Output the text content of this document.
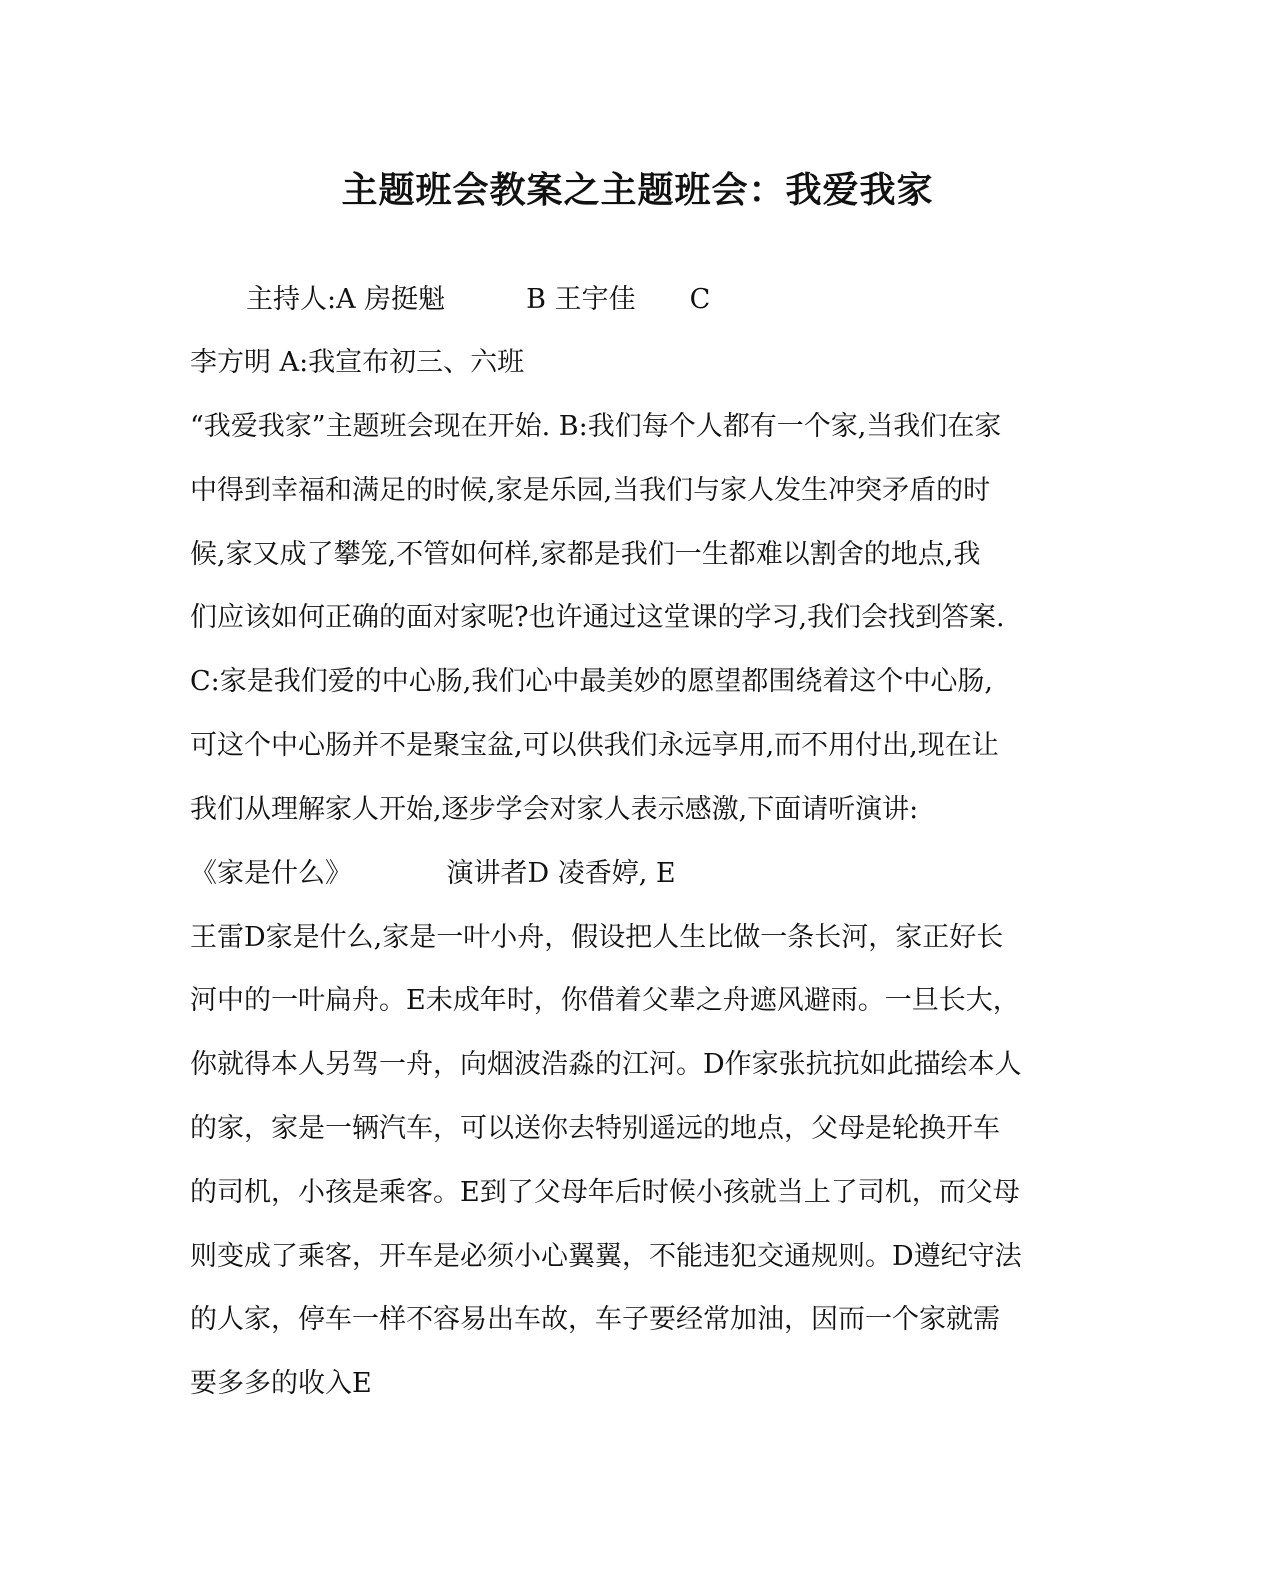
主题班会教案之主题班会：我爱我家
主持人:A 房挺魁　　　B 王宇佳　　C
李方明 A:我宣布初三、六班
“我爱我家”主题班会现在开始. B:我们每个人都有一个家,当我们在家
中得到幸福和满足的时候,家是乐园,当我们与家人发生冲突矛盾的时
候,家又成了攀笼,不管如何样,家都是我们一生都难以割舍的地点,我
们应该如何正确的面对家呢?也许通过这堂课的学习,我们会找到答案.
C:家是我们爱的中心肠,我们心中最美妙的愿望都围绕着这个中心肠,
可这个中心肠并不是聚宝盆,可以供我们永远享用,而不用付出,现在让
我们从理解家人开始,逐步学会对家人表示感激,下面请听演讲:
《家是什么》　　　　演讲者D 凌香婷, E
王雷D家是什么,家是一叶小舟，假设把人生比做一条长河，家正好长
河中的一叶扁舟。E未成年时，你借着父辈之舟遮风避雨。一旦长大，
你就得本人另驾一舟，向烟波浩淼的江河。D作家张抗抗如此描绘本人
的家，家是一辆汽车，可以送你去特别遥远的地点，父母是轮换开车
的司机，小孩是乘客。E到了父母年后时候小孩就当上了司机，而父母
则变成了乘客，开车是必须小心翼翼，不能违犯交通规则。D遵纪守法
的人家，停车一样不容易出车故，车子要经常加油，因而一个家就需
要多多的收入E
